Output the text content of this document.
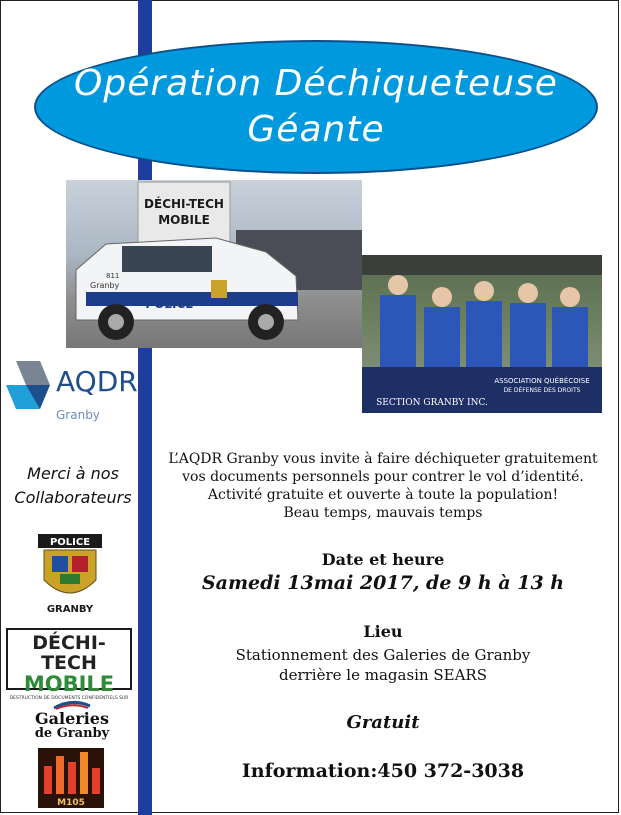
Opération Déchiqueteuse
Géante
DÉCHI-TECH
MOBILE
POLICE
Granby
811
ASSOCIATION QUÉBÉCOISE
DE DÉFENSE DES DROITS
SECTION GRANBY INC.
AQDR
Granby
Merci à nos
Collaborateurs
POLICE
GRANBY
DÉCHI-TECH
MOBILE
DESTRUCTION DE DOCUMENTS CONFIDENTIELS SUR PLACE
Galeries
de Granby
M105
L’AQDR Granby vous invite à faire déchiqueter gratuitement
vos documents personnels pour contrer le vol d’identité.
Activité gratuite et ouverte à toute la population!
Beau temps, mauvais temps
Date et heure
Samedi 13mai 2017, de 9 h à 13 h
Lieu
Stationnement des Galeries de Granby
derrière le magasin SEARS
Gratuit
Information:450 372-3038
